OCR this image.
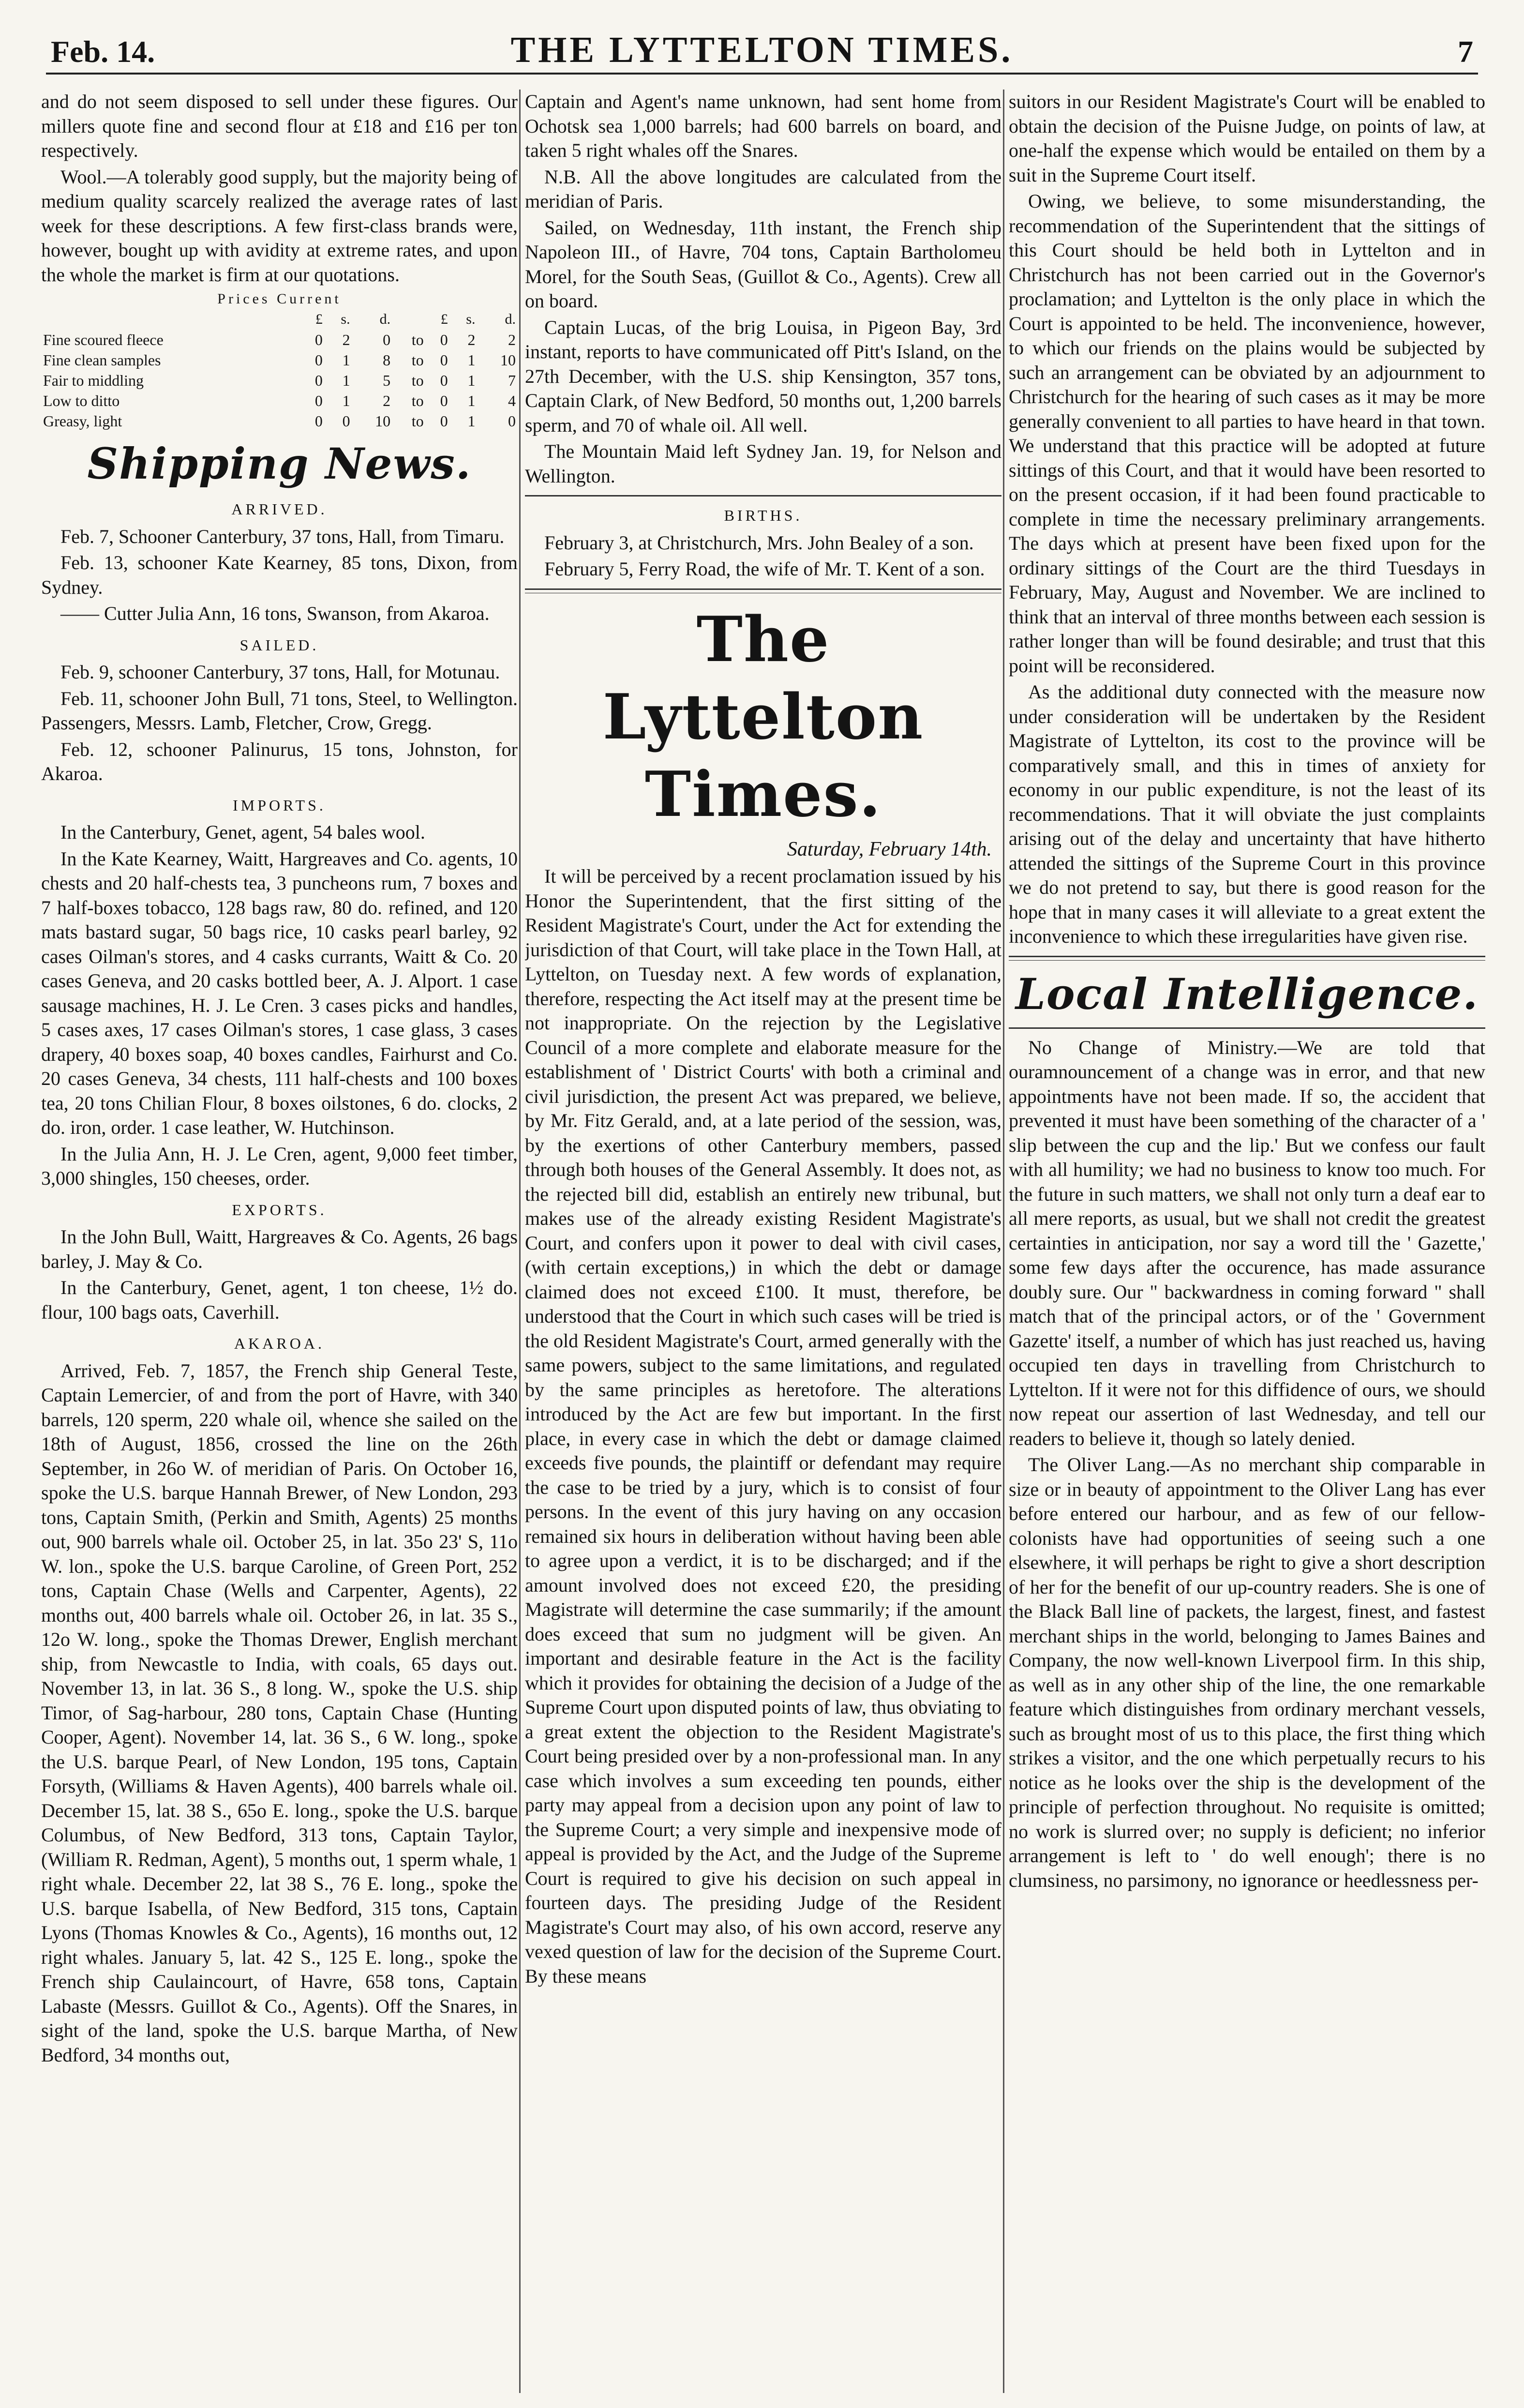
Feb. 14.	THE LYTTELTON TIMES.	7

and do not seem disposed to sell under these figures. Our millers quote fine and second flour at £18 and £16 per ton respectively.

Wool.—A tolerably good supply, but the majority being of medium quality scarcely realized the average rates of last week for these descriptions. A few first-class brands were, however, bought up with avidity at extreme rates, and upon the whole the market is firm at our quotations.

Prices Current
	£	s.	d.		£	s.	d.
Fine scoured fleece	0	2	0	to	0	2	2
Fine clean samples	0	1	8	to	0	1	10
Fair to middling	0	1	5	to	0	1	7
Low to ditto	0	1	2	to	0	1	4
Greasy, light	0	0	10	to	0	1	0
Shipping News.
ARRIVED.

Feb. 7, Schooner Canterbury, 37 tons, Hall, from Timaru.

Feb. 13, schooner Kate Kearney, 85 tons, Dixon, from Sydney.

—— Cutter Julia Ann, 16 tons, Swanson, from Akaroa.

SAILED.

Feb. 9, schooner Canterbury, 37 tons, Hall, for Motunau.

Feb. 11, schooner John Bull, 71 tons, Steel, to Wellington. Passengers, Messrs. Lamb, Fletcher, Crow, Gregg.

Feb. 12, schooner Palinurus, 15 tons, Johnston, for Akaroa.

IMPORTS.

In the Canterbury, Genet, agent, 54 bales wool.

In the Kate Kearney, Waitt, Hargreaves and Co. agents, 10 chests and 20 half-chests tea, 3 puncheons rum, 7 boxes and 7 half-boxes tobacco, 128 bags raw, 80 do. refined, and 120 mats bastard sugar, 50 bags rice, 10 casks pearl barley, 92 cases Oilman's stores, and 4 casks currants, Waitt & Co. 20 cases Geneva, and 20 casks bottled beer, A. J. Alport. 1 case sausage machines, H. J. Le Cren. 3 cases picks and handles, 5 cases axes, 17 cases Oilman's stores, 1 case glass, 3 cases drapery, 40 boxes soap, 40 boxes candles, Fairhurst and Co. 20 cases Geneva, 34 chests, 111 half-chests and 100 boxes tea, 20 tons Chilian Flour, 8 boxes oilstones, 6 do. clocks, 2 do. iron, order. 1 case leather, W. Hutchinson.

In the Julia Ann, H. J. Le Cren, agent, 9,000 feet timber, 3,000 shingles, 150 cheeses, order.

EXPORTS.

In the John Bull, Waitt, Hargreaves & Co. Agents, 26 bags barley, J. May & Co.

In the Canterbury, Genet, agent, 1 ton cheese, 1½ do. flour, 100 bags oats, Caverhill.

AKAROA.

Arrived, Feb. 7, 1857, the French ship General Teste, Captain Lemercier, of and from the port of Havre, with 340 barrels, 120 sperm, 220 whale oil, whence she sailed on the 18th of August, 1856, crossed the line on the 26th September, in 26o W. of meridian of Paris. On October 16, spoke the U.S. barque Hannah Brewer, of New London, 293 tons, Captain Smith, (Perkin and Smith, Agents) 25 months out, 900 barrels whale oil. October 25, in lat. 35o 23' S, 11o W. lon., spoke the U.S. barque Caroline, of Green Port, 252 tons, Captain Chase (Wells and Carpenter, Agents), 22 months out, 400 barrels whale oil. October 26, in lat. 35 S., 12o W. long., spoke the Thomas Drewer, English merchant ship, from Newcastle to India, with coals, 65 days out. November 13, in lat. 36 S., 8 long. W., spoke the U.S. ship Timor, of Sag-harbour, 280 tons, Captain Chase (Hunting Cooper, Agent). November 14, lat. 36 S., 6 W. long., spoke the U.S. barque Pearl, of New London, 195 tons, Captain Forsyth, (Williams & Haven Agents), 400 barrels whale oil. December 15, lat. 38 S., 65o E. long., spoke the U.S. barque Columbus, of New Bedford, 313 tons, Captain Taylor, (William R. Redman, Agent), 5 months out, 1 sperm whale, 1 right whale. December 22, lat 38 S., 76 E. long., spoke the U.S. barque Isabella, of New Bedford, 315 tons, Captain Lyons (Thomas Knowles & Co., Agents), 16 months out, 12 right whales. January 5, lat. 42 S., 125 E. long., spoke the French ship Caulaincourt, of Havre, 658 tons, Captain Labaste (Messrs. Guillot & Co., Agents). Off the Snares, in sight of the land, spoke the U.S. barque Martha, of New Bedford, 34 months out,

Captain and Agent's name unknown, had sent home from Ochotsk sea 1,000 barrels; had 600 barrels on board, and taken 5 right whales off the Snares.

N.B. All the above longitudes are calculated from the meridian of Paris.

Sailed, on Wednesday, 11th instant, the French ship Napoleon III., of Havre, 704 tons, Captain Bartholomeu Morel, for the South Seas, (Guillot & Co., Agents). Crew all on board.

Captain Lucas, of the brig Louisa, in Pigeon Bay, 3rd instant, reports to have communicated off Pitt's Island, on the 27th December, with the U.S. ship Kensington, 357 tons, Captain Clark, of New Bedford, 50 months out, 1,200 barrels sperm, and 70 of whale oil. All well.

The Mountain Maid left Sydney Jan. 19, for Nelson and Wellington.

BIRTHS.

February 3, at Christchurch, Mrs. John Bealey of a son.

February 5, Ferry Road, the wife of Mr. T. Kent of a son.

The Lyttelton Times.
Saturday, February 14th.

It will be perceived by a recent proclamation issued by his Honor the Superintendent, that the first sitting of the Resident Magistrate's Court, under the Act for extending the jurisdiction of that Court, will take place in the Town Hall, at Lyttelton, on Tuesday next. A few words of explanation, therefore, respecting the Act itself may at the present time be not inappropriate. On the rejection by the Legislative Council of a more complete and elaborate measure for the establishment of ' District Courts' with both a criminal and civil jurisdiction, the present Act was prepared, we believe, by Mr. Fitz Gerald, and, at a late period of the session, was, by the exertions of other Canterbury members, passed through both houses of the General Assembly. It does not, as the rejected bill did, establish an entirely new tribunal, but makes use of the already existing Resident Magistrate's Court, and confers upon it power to deal with civil cases, (with certain exceptions,) in which the debt or damage claimed does not exceed £100. It must, therefore, be understood that the Court in which such cases will be tried is the old Resident Magistrate's Court, armed generally with the same powers, subject to the same limitations, and regulated by the same principles as heretofore. The alterations introduced by the Act are few but important. In the first place, in every case in which the debt or damage claimed exceeds five pounds, the plaintiff or defendant may require the case to be tried by a jury, which is to consist of four persons. In the event of this jury having on any occasion remained six hours in deliberation without having been able to agree upon a verdict, it is to be discharged; and if the amount involved does not exceed £20, the presiding Magistrate will determine the case summarily; if the amount does exceed that sum no judgment will be given. An important and desirable feature in the Act is the facility which it provides for obtaining the decision of a Judge of the Supreme Court upon disputed points of law, thus obviating to a great extent the objection to the Resident Magistrate's Court being presided over by a non-professional man. In any case which involves a sum exceeding ten pounds, either party may appeal from a decision upon any point of law to the Supreme Court; a very simple and inexpensive mode of appeal is provided by the Act, and the Judge of the Supreme Court is required to give his decision on such appeal in fourteen days. The presiding Judge of the Resident Magistrate's Court may also, of his own accord, reserve any vexed question of law for the decision of the Supreme Court. By these means

suitors in our Resident Magistrate's Court will be enabled to obtain the decision of the Puisne Judge, on points of law, at one-half the expense which would be entailed on them by a suit in the Supreme Court itself.

Owing, we believe, to some misunderstanding, the recommendation of the Superintendent that the sittings of this Court should be held both in Lyttelton and in Christchurch has not been carried out in the Governor's proclamation; and Lyttelton is the only place in which the Court is appointed to be held. The inconvenience, however, to which our friends on the plains would be subjected by such an arrangement can be obviated by an adjournment to Christchurch for the hearing of such cases as it may be more generally convenient to all parties to have heard in that town. We understand that this practice will be adopted at future sittings of this Court, and that it would have been resorted to on the present occasion, if it had been found practicable to complete in time the necessary preliminary arrangements. The days which at present have been fixed upon for the ordinary sittings of the Court are the third Tuesdays in February, May, August and November. We are inclined to think that an interval of three months between each session is rather longer than will be found desirable; and trust that this point will be reconsidered.

As the additional duty connected with the measure now under consideration will be undertaken by the Resident Magistrate of Lyttelton, its cost to the province will be comparatively small, and this in times of anxiety for economy in our public expenditure, is not the least of its recommendations. That it will obviate the just complaints arising out of the delay and uncertainty that have hitherto attended the sittings of the Supreme Court in this province we do not pretend to say, but there is good reason for the hope that in many cases it will alleviate to a great extent the inconvenience to which these irregularities have given rise.

Local Intelligence.

No Change of Ministry.—We are told that ouramnouncement of a change was in error, and that new appointments have not been made. If so, the accident that prevented it must have been something of the character of a ' slip between the cup and the lip.' But we confess our fault with all humility; we had no business to know too much. For the future in such matters, we shall not only turn a deaf ear to all mere reports, as usual, but we shall not credit the greatest certainties in anticipation, nor say a word till the ' Gazette,' some few days after the occurence, has made assurance doubly sure. Our " backwardness in coming forward " shall match that of the principal actors, or of the ' Government Gazette' itself, a number of which has just reached us, having occupied ten days in travelling from Christchurch to Lyttelton. If it were not for this diffidence of ours, we should now repeat our assertion of last Wednesday, and tell our readers to believe it, though so lately denied.

The Oliver Lang.—As no merchant ship comparable in size or in beauty of appointment to the Oliver Lang has ever before entered our harbour, and as few of our fellow-colonists have had opportunities of seeing such a one elsewhere, it will perhaps be right to give a short description of her for the benefit of our up-country readers. She is one of the Black Ball line of packets, the largest, finest, and fastest merchant ships in the world, belonging to James Baines and Company, the now well-known Liverpool firm. In this ship, as well as in any other ship of the line, the one remarkable feature which distinguishes from ordinary merchant vessels, such as brought most of us to this place, the first thing which strikes a visitor, and the one which perpetually recurs to his notice as he looks over the ship is the development of the principle of perfection throughout. No requisite is omitted; no work is slurred over; no supply is deficient; no inferior arrangement is left to ' do well enough'; there is no clumsiness, no parsimony, no ignorance or heedlessness per-
